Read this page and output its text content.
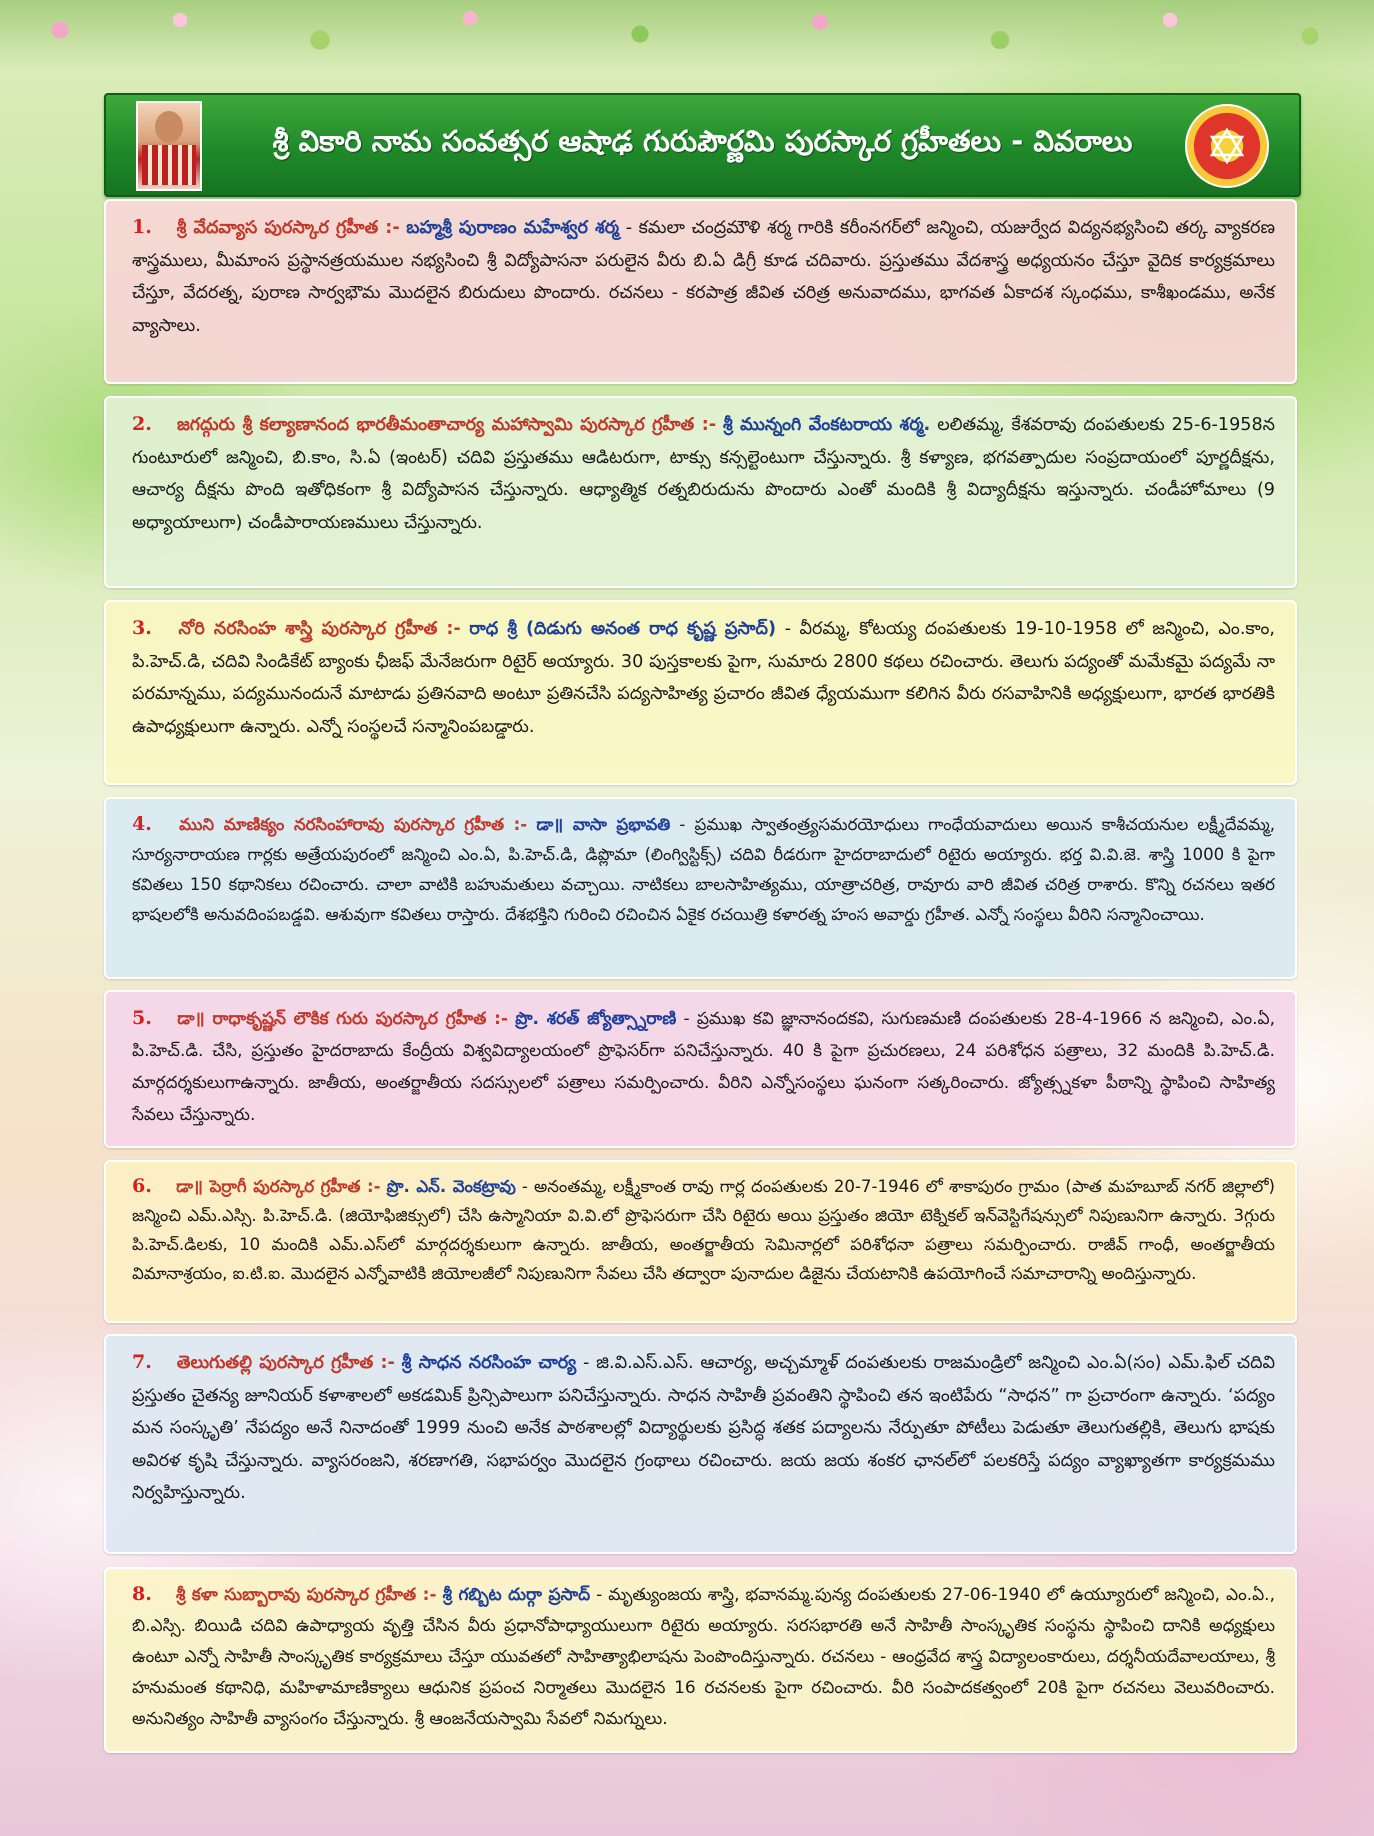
శ్రీ వికారి నామ సంవత్సర ఆషాఢ గురుపౌర్ణమి పురస్కార గ్రహీతలు - వివరాలు
1. శ్రీ వేదవ్యాస పురస్కార గ్రహీత :- బహ్మశ్రీ పురాణం మహేశ్వర శర్మ - కమలా చంద్రమౌళి శర్మ గారికి కరీంనగర్‌లో జన్మించి, యజుర్వేద విద్యనభ్యసించి తర్క వ్యాకరణ శాస్త్రములు, మీమాంస ప్రస్థానత్రయముల నభ్యసించి శ్రీ విద్యోపాసనా పరులైన వీరు బి.ఏ డిగ్రీ కూడ చదివారు. ప్రస్తుతము వేదశాస్త్ర అధ్యయనం చేస్తూ వైదిక కార్యక్రమాలు చేస్తూ, వేదరత్న, పురాణ సార్వభౌమ మొదలైన బిరుదులు పొందారు. రచనలు - కరపాత్ర జీవిత చరిత్ర అనువాదము, భాగవత ఏకాదశ స్కంధము, కాశీఖండము, అనేక వ్యాసాలు.
2. జగద్గురు శ్రీ కల్యాణానంద భారతీమంతాచార్య మహాస్వామి పురస్కార గ్రహీత :- శ్రీ మున్నంగి వేంకటరాయ శర్మ. లలితమ్మ, కేశవరావు దంపతులకు 25-6-1958న గుంటూరులో జన్మించి, బి.కాం, సి.ఏ (ఇంటర్) చదివి ప్రస్తుతము ఆడిటరుగా, టాక్సు కన్సల్టెంటుగా చేస్తున్నారు. శ్రీ కళ్యాణ, భగవత్పాదుల సంప్రదాయంలో పూర్ణదీక్షను, ఆచార్య దీక్షను పొంది ఇతోధికంగా శ్రీ విద్యోపాసన చేస్తున్నారు. ఆధ్యాత్మిక రత్నబిరుదును పొందారు ఎంతో మందికి శ్రీ విద్యాదీక్షను ఇస్తున్నారు. చండీహోమాలు (9 అధ్యాయాలుగా) చండీపారాయణములు చేస్తున్నారు.
3. నోరి నరసింహ శాస్త్రి పురస్కార గ్రహీత :- రాధ శ్రీ (దిడుగు అనంత రాధ కృష్ణ ప్రసాద్) - వీరమ్మ, కోటయ్య దంపతులకు 19-10-1958 లో జన్మించి, ఎం.కాం, పి.హెచ్.డి, చదివి సిండికేట్ బ్యాంకు ఛీజఫ్ మేనేజరుగా రిటైర్ అయ్యారు. 30 పుస్తకాలకు పైగా, సుమారు 2800 కథలు రచించారు. తెలుగు పద్యంతో మమేకమై పద్యమే నా పరమాన్నము, పద్యమునందునే మాటాడు ప్రతినవాది అంటూ ప్రతినచేసి పద్యసాహిత్య ప్రచారం జీవిత ధ్యేయముగా కలిగిన వీరు రసవాహినికి అధ్యక్షులుగా, భారత భారతికి ఉపాధ్యక్షులుగా ఉన్నారు. ఎన్నో సంస్థలచే సన్మానింపబడ్డారు.
4. ముని మాణిక్యం నరసింహారావు పురస్కార గ్రహీత :- డా॥ వాసా ప్రభావతి - ప్రముఖ స్వాతంత్ర్యసమరయోధులు గాంధేయవాదులు అయిన కాశీచయనుల లక్ష్మీదేవమ్మ, సూర్యనారాయణ గార్లకు అత్రేయపురంలో జన్మించి ఎం.ఏ, పి.హెచ్.డి, డిప్లొమా (లింగ్విస్టిక్స్) చదివి రీడరుగా హైదరాబాదులో రిటైరు అయ్యారు. భర్త వి.వి.జె. శాస్త్రి 1000 కి పైగా కవితలు 150 కథానికలు రచించారు. చాలా వాటికి బహుమతులు వచ్చాయి. నాటికలు బాలసాహిత్యము, యాత్రాచరిత్ర, రావూరు వారి జీవిత చరిత్ర రాశారు. కొన్ని రచనలు ఇతర భాషలలోకి అనువదింపబడ్డవి. ఆశువుగా కవితలు రాస్తారు. దేశభక్తిని గురించి రచించిన ఏకైక రచయిత్రి కళారత్న హంస అవార్డు గ్రహీత. ఎన్నో సంస్థలు వీరిని సన్మానించాయి.
5. డా॥ రాధాకృష్ణన్ లౌకిక గురు పురస్కార గ్రహీత :- ప్రొ. శరత్ జ్యోత్స్నారాణి - ప్రముఖ కవి జ్ఞానానందకవి, సుగుణమణి దంపతులకు 28-4-1966 న జన్మించి, ఎం.ఏ, పి.హెచ్.డి. చేసి, ప్రస్తుతం హైదరాబాదు కేంద్రీయ విశ్వవిద్యాలయంలో ప్రొఫెసర్‌గా పనిచేస్తున్నారు. 40 కి పైగా ప్రచురణలు, 24 పరిశోధన పత్రాలు, 32 మందికి పి.హెచ్.డి. మార్గదర్శకులుగాఉన్నారు. జాతీయ, అంతర్జాతీయ సదస్సులలో పత్రాలు సమర్పించారు. వీరిని ఎన్నోసంస్థలు ఘనంగా సత్కరించారు. జ్యోత్స్నకళా పీఠాన్ని స్థాపించి సాహిత్య సేవలు చేస్తున్నారు.
6. డా॥ పెర్రాగీ పురస్కార గ్రహీత :- ప్రొ. ఎన్. వెంకట్రావు - అనంతమ్మ, లక్ష్మీకాంత రావు గార్ల దంపతులకు 20-7-1946 లో శాకాపురం గ్రామం (పాత మహబూబ్ నగర్ జిల్లాలో) జన్మించి ఎమ్.ఎస్సి. పి.హెచ్.డి. (జియోఫిజిక్సులో) చేసి ఉస్మానియా వి.వి.లో ప్రొఫెసరుగా చేసి రిటైరు అయి ప్రస్తుతం జియో టెక్నికల్ ఇన్‌వెస్టిగేషన్సులో నిపుణునిగా ఉన్నారు. 3గ్గురు పి.హెచ్.డిలకు, 10 మందికి ఎమ్.ఎస్‌లో మార్గదర్శకులుగా ఉన్నారు. జాతీయ, అంతర్జాతీయ సెమినార్లలో పరిశోధనా పత్రాలు సమర్పించారు. రాజీవ్ గాంధీ, అంతర్జాతీయ విమానాశ్రయం, ఐ.టి.ఐ. మొదలైన ఎన్నోవాటికి జియోలజీలో నిపుణునిగా సేవలు చేసి తద్వారా పునాదుల డిజైను చేయటానికి ఉపయోగించే సమాచారాన్ని అందిస్తున్నారు.
7. తెలుగుతల్లి పురస్కార గ్రహీత :- శ్రీ సాధన నరసింహ చార్య - జి.వి.ఎస్.ఎస్. ఆచార్య, అచ్చమ్మాళ్ దంపతులకు రాజమండ్రిలో జన్మించి ఎం.ఏ(సం) ఎమ్.ఫిల్ చదివి ప్రస్తుతం చైతన్య జూనియర్ కళాశాలలో అకడమిక్ ప్రిన్సిపాలుగా పనిచేస్తున్నారు. సాధన సాహితీ ప్రవంతిని స్థాపించి తన ఇంటిపేరు “సాధన” గా ప్రచారంగా ఉన్నారు. ‘పద్యం మన సంస్కృతి’ నేపద్యం అనే నినాదంతో 1999 నుంచి అనేక పాఠశాలల్లో విద్యార్థులకు ప్రసిద్ధ శతక పద్యాలను నేర్పుతూ పోటీలు పెడుతూ తెలుగుతల్లికి, తెలుగు భాషకు అవిరళ కృషి చేస్తున్నారు. వ్యాసరంజని, శరణాగతి, సభాపర్వం మొదలైన గ్రంథాలు రచించారు. జయ జయ శంకర ఛానల్‌లో పలకరిస్తే పద్యం వ్యాఖ్యాతగా కార్యక్రమము నిర్వహిస్తున్నారు.
8. శ్రీ కళా సుబ్బారావు పురస్కార గ్రహీత :- శ్రీ గబ్బిట దుర్గా ప్రసాద్ - మృత్యుంజయ శాస్త్రి, భవానమ్మ.పున్య దంపతులకు 27-06-1940 లో ఉయ్యూరులో జన్మించి, ఎం.ఏ., బి.ఎస్సి. బియిడి చదివి ఉపాధ్యాయ వృత్తి చేసిన వీరు ప్రధానోపాధ్యాయులుగా రిటైరు అయ్యారు. సరసభారతి అనే సాహితీ సాంస్కృతిక సంస్థను స్థాపించి దానికి అధ్యక్షులు ఉంటూ ఎన్నో సాహితీ సాంస్కృతిక కార్యక్రమాలు చేస్తూ యువతలో సాహిత్యాభిలాషను పెంపొందిస్తున్నారు. రచనలు - ఆంధ్రవేద శాస్త్ర విద్యాలంకారులు, దర్శనీయదేవాలయాలు, శ్రీ హనుమంత కథానిధి, మహిళామాణిక్యాలు ఆధునిక ప్రపంచ నిర్మాతలు మొదలైన 16 రచనలకు పైగా రచించారు. వీరి సంపాదకత్వంలో 20కి పైగా రచనలు వెలువరించారు. అనునిత్యం సాహితీ వ్యాసంగం చేస్తున్నారు. శ్రీ ఆంజనేయస్వామి సేవలో నిమగ్నులు.
